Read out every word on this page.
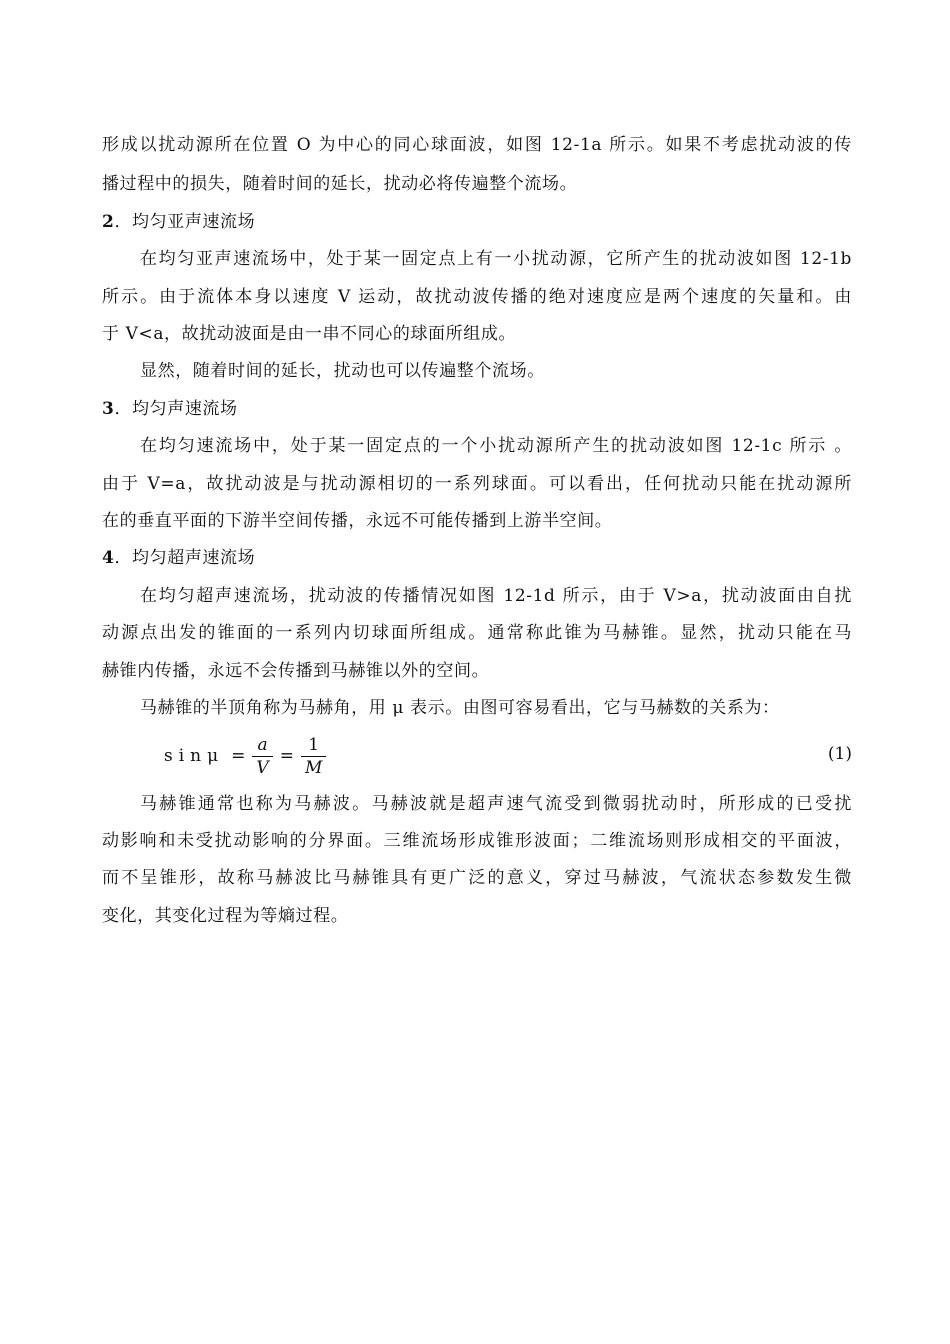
形成以扰动源所在位置 O 为中心的同心球面波，如图 12-1a 所示。如果不考虑扰动波的传
播过程中的损失，随着时间的延长，扰动必将传遍整个流场。
2．均匀亚声速流场
在均匀亚声速流场中，处于某一固定点上有一小扰动源，它所产生的扰动波如图 12-1b
所示。由于流体本身以速度 V 运动，故扰动波传播的绝对速度应是两个速度的矢量和。由
于 V<a，故扰动波面是由一串不同心的球面所组成。
显然，随着时间的延长，扰动也可以传遍整个流场。
3．均匀声速流场
在均匀速流场中，处于某一固定点的一个小扰动源所产生的扰动波如图 12-1c 所示 。
由于 V=a，故扰动波是与扰动源相切的一系列球面。可以看出，任何扰动只能在扰动源所
在的垂直平面的下游半空间传播，永远不可能传播到上游半空间。
4．均匀超声速流场
在均匀超声速流场，扰动波的传播情况如图 12-1d 所示，由于 V>a，扰动波面由自扰
动源点出发的锥面的一系列内切球面所组成。通常称此锥为马赫锥。显然，扰动只能在马
赫锥内传播，永远不会传播到马赫锥以外的空间。
马赫锥的半顶角称为马赫角，用 μ 表示。由图可容易看出，它与马赫数的关系为：
$\sin\mu = \frac{a}{V} = \frac{1}{M}$	(1)
马赫锥通常也称为马赫波。马赫波就是超声速气流受到微弱扰动时，所形成的已受扰
动影响和未受扰动影响的分界面。三维流场形成锥形波面；二维流场则形成相交的平面波，
而不呈锥形，故称马赫波比马赫锥具有更广泛的意义，穿过马赫波，气流状态参数发生微
变化，其变化过程为等熵过程。
